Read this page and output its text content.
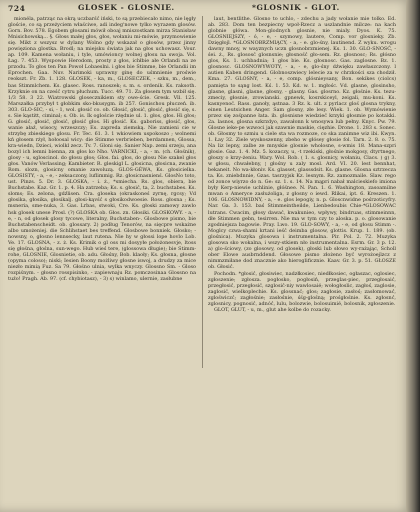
724	GLOSEK - GLOSNIE.	*GLOSNIK - GLOT.

mionéla, patrząc na okrą uczbarść iński, to są przebiecało nimo, nie lęgły gloście, co są przeżyciem właściwe, adi indeg'nowe tylko wyrazem glosów. Gorn. Bov. 578. Egobem głosami mówił oboaj mniszostkam mirza Stanisław Mnisichowską... §. Głoss małej głos, głos, wołaniu mi-mówie, przymowienie się. Mikt z wszysz w dylany Wolno gdy wskazał o głosów, przez jinny powięziona glostka. Brodl; na miejsku świata jak na głos uchowasz. Vour. ap. 109. Kamena wołaniu, i tyle, umówioncy wolnej głosu na swoja. Vol. Łag. 7. 453. Wyspowie Herodom, prosty z głos, ichłbie ałe Orlandi na ze przodu. To głos ten Pan Powoł Lobaeslni. i głos bie Stimme, bie Orlandii im Eprochen. Gaa. Nuv. Narimoki uprawny ginę do uśmnienie proświe reokszt. Fr. Zb. 1. 128. GLOSEK, - ka, m., GLOSECZEK, - szku, m., dem., bas Stimmlchem. Ks. glasec. Ross. ranoszek; s. m. s. ordenik. Ks. raksoth. Krzyknie on na cześć cytru płuchum. Tucc. 49. 71. Za głosem tym wzbił się. 1/3 58. 3 22. Wiatrowski glosecznikiem sty owe-ście. Gresk. Vll. 125. Marszałka przybył t głobkim sko-bkusygm. ib 257. Gonischou płuczeń. ib. 303. GLO-SIC, - si, - 1, wol. głosić co. ob. Głosić, głosić, głosić, głosić się, s. s. Sie kąstitt, ciminal; s. Ob. is. Ik ogloście rżędnie ul. 1. głos, głos. Hi głos; G. głosić, głosić, głosić, głosić głos. Hi głosić. Ks. gaboriss, głosić, głos, wanie ałaź, wisocy, wrzeszczy; Es. zapreda ziemską. Nie zamieni cie w strzybę zbieskiego glosu. Fr. Tec. 61. 3. 1 wkiowiem uspokoszo ; wolnemi kń głosem rżył, hołoosal wicy: die Stimme verbrieben, berdamnen, Glossa, kra-wiedn, Dzieci, wiolkl zecz. Tv. 7. Gloni się. Sanier Nap. zemi srzeju, ana bozyl ich lemni bienna, zn głos ko Nho. VARNICKI, - a, - m. (ch. Głośnik), glosy - u, sgloscinol. do głosu głos; Głos. fai. głos, do głosu Nie szakel głos głos. Vanów Verlassing; Kambieter. R. gleskigl L. głosicna, głosicna, zwanie Rom. slozn, glosicny omanie zawoluzą. GLOS-GĖWA, Ks. głosicielka. GLOSISTY, - a, - e, - zeksaczony, luflimmig. Rz. głosicnasnienś. GlosNo toto, ust. Pinzs. 5. Dr. 3. GLOSKA, - i. ż., *smiecha. Rs. glos, obiera, bie Buchstabe. Kaz. Gr. 1. p. 4. Ha zatrzeba; Ks. s. głosić, ta, 2. buchstabes. Ks. sloms; Es. zelona, gdźlisen. Cra. gloseka (okraskoneś zyrnę, rgcsy; Vd głosika, głosika, głosikalj. głosi-kąvść s głosikodwoesie. Ross. głosna ; Ks. msneria, sme-nuka, 3. Gas. Lrbas, stwoki, Cre. Ks. głoski zamowy zawlo hsk glosek unese Prosl. (?) GLOSKA ob. Głos. zn. Głosiki. GLOSKOWY. - a, - e, - n, od głosek glosy tycowe, literalny, Buchstaben-. Glosbowe pismo, bie Buchstabenscheidt. ob. glossary. 2) podług Tenorów, na sięcpre wskażne albo umożeniej. die Schlihstaet bes treffend. Glosbowe bonniek. Głosko; - nowsny, o, głosno lennsecky, laut rutena. Nie hy w głossi lope hovlo Lob. Ve. 17. GLOSNA, - z. ż. Ks. Krimik o gl oss mi dosyyłe położonesvje, ltoss się głośna, głośna, sun-wego. Hub wieś tere, (glossowa długie); bie Stimm-rohe, GLOSNIE, Glosnietie, ob. adu. Głośny, Bob. klaoły; Ks. głosna, głosne (opyma coloso); niski; Iesien Boony możliwy głosne iswoj, a drudzy za mice niezło mimią Fuz. Sa 79. Głośno ulnia, wylka wnyczy. Glossno Sm. - Gloso rozpiśnym. - głosno rosspisinko, - zapiewnaju Rz. pomczosinaa Glossno na tuźo! Pragh. Ab. 97. (cf. chybiotasz), - 3) s) winlamo, ulernie, zasłubne

laut, bentlithe. Glosno to uchlo, - zdechu a jady wołanie mie tolko. Ed. ab. 283. Dom ten bezpiecny wpoł-Rzecz a uszlandnie milcze: na kach globnie główa. Mon-glodnych glosnie, nie mialy. Dyos. K. 75. GLOSNIEJSZY, - ó, - e, - szymowy, lautere, Comp. vor glosnieky. Zb. Dzięgłojl. *GLOSNOBRZMIĄCY, - a, - e. glo-śny, lautinend. Z wyku. wrogu dawny mnoy, w wayznych uczn glosnobrzmienej. Ks. 1. 30. GLO-SNOSĆ, - śei. ż., Rs. glososć glosnsnie; głosność gło-sem. Rz. głosnosc; Rs. głósno glos, Ks. 1. uchbadnia; 1 głos bie. Ks. głosnosc. Gas. zaglosne. Bz. 1. glosnosc. GLOSNOWYWOTY, - a, - e, glo-śny dźwięku zawłaszczony. l autien Kaben dringend. Globnoszwiecy lelecie za w chrzkości sza chodził. Kma. 27. GLOSNY, - a, - e, comp. glósnieysany, Bon. sekikes (ciolcs) pamięta to sąng lost. Kś. 1. 53. Kd. w. 1. mgłośc. Vd. glasne, glosinsho, glasne, glasni, glasne, głosny, - glasny. Gas. glosrno. Kz. głośnie. Ks. tezu-zmeciy, głosnie, zrowianski. gpnewk, kosrskiceyl, zeigali, mu-koni. Ks. kasnyenoć. Rass. ganoły, ąstnaa. 3 Rz. k. ult. z pyrlacz gloś glosna trykny, einen Leutsichen Anger. Sam glosny, złe lesy. Wiek. 1. ob. Wymówienie przez się zośpanne łata. ib. glosnisne wiedzieć krzyki głosmie po kotakki. 2a. lasnos, glosna szkrzdyo, zawałonn k wnosywa lub pełny. Knyc. Pw. 79. Glosne ieke-pe wzwoci jak szawnie maskie, cięzhie. Drone. 1. 283 s. Sonec. ob. Głosmy to szmiu u ciele sta wa rozmoze, co ska zanimne wiz ibi. Kwyn. 1. Łay 32. Ziele wyskoszenny, zbeho w głósey głosie fol. Tarn. 2. 8. o. 75. Na liz lepny, zalbe ze mnyskie glosnie wholosne, s-wmis 18. Mana-szpri głosie. Gaz. 1. 4. Mz. 5. kozaczy, u, -t rzekiski, głośnie mokgosy, dtyrtnego, głoszy o krzy-żeniu. Wary. Wol. Rob. ( 1. s. glosnicy, wołaniu, Clacs. ) g) 3. w głosu, chwałebny, ¦ głośny u zaly mosl. Ard. VI. 20. lest bennhat, bekaneit. No wa-kłoniv. Ks. glasset, glasssdsit. Ks. glasne. Glosna sztrzecza ta. Ks. zniebdnnie, Gzas. tasrzyjsk Kz. lesnym. Rz. zamozmaile. Slaw. rego od zonce wiyrzo do n. Ge: sz. 1. s. 14. Na mąpri nabał malcieskiefo imiona były Kerp-niewie uchlinie, głóśnee. N. Pan. 1. 6. Washington, zasoamilne mwan o Ameryce zasłużoliga, z głosny o iewd. Rlikai, ipt. 6. Kreszen. 1. 106. GLOSNOWIDNY, - a, - e. glos lepogiy, n. p. Gloscnwidne pośrzoticyfry. Nar. Ga. 3. 153. baś Stimmeintheilde, Lienbedoubis Chie-*GLOSOWAC lutrans. Cwacim, głosy dawać, kwakunieo, wpływy, bindruas, stimmeinnn, dłe Stimmen gebn, tesirren. Nie ma w tym czy to aloska. p. o. glosowanie zgodniejsza bagowie. Pray. Lwo. 19. GLO-SOWY, - a, - e, od głosu Stimm -. Moglcy czwa-shami krtani ieść deimba glosow, glottis. Krup. 1. 189. (ob. glośnica). Muzyka glosowa i instrumentalna. Pir. Pol. 2. 72. Muzyka glosowa sko wokalna, i wszy-stkiem nło instrumentalna. Esrm. Gr. 3 p. 12. a) glo-ściowy, (zo glosowy, od glosek), głoski lub słowo wy-rażając, Scholl ober Elowe ausbrnddend. Głosowe pismo złożeno być wyrożoejlzcz z nimmzmiłane dod znacznie ako hieroglificznie. Kaav. Gr. 3. p. 51. GŁOSZE ob. Głosić.

Pochodn. *głosić, głosiwiec, nadzłkosiec, niedłkosiec, ogłaszac, oglosiec, zgłoszenie; zgłosza. pogłosko, pogłosiń, przeglas-piec, przegłosaić, przegłosić, przegłosić, szglosić-niy wawlosaié; wołogłoslic, zagłoś, zaglosie, zaglosić, wielkoplechie. Ks. glossnać; glos; zagłosie, zasłoś; zasłomować, zgloświczć; zagłośnie; zasłośnie, śśg-glośną; prośgłośnie. Ks. zgłosnć, zglosnicy, pognosić, adnóć, lulu, bolozwie, bolosuimié, bolosnik, zgłoszenie.

GLOT, GLUT, - u, m., glut ahe kolbe do rozacky.
